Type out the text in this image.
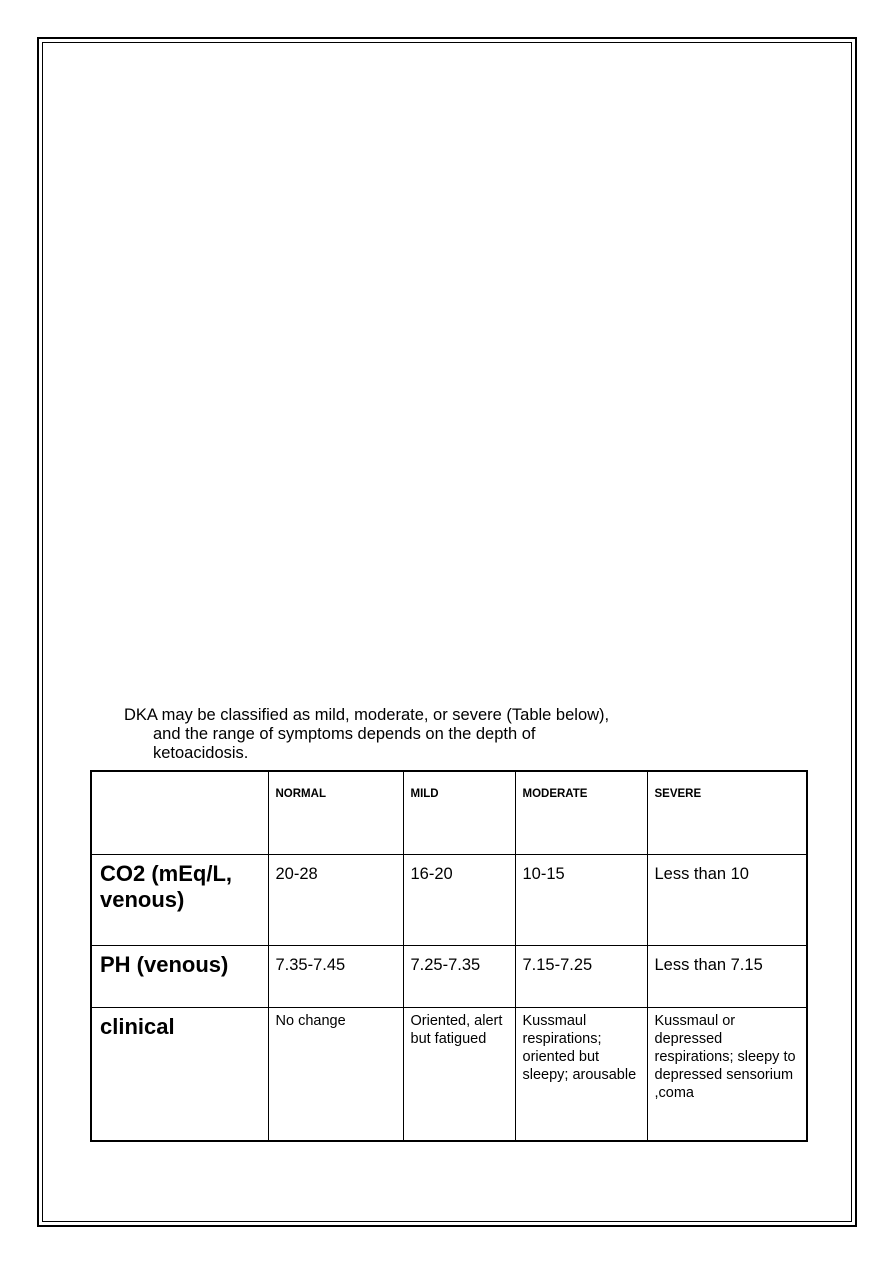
DKA may be classified as mild, moderate, or severe (Table below),
and the range of symptoms depends on the depth of
ketoacidosis.

	NORMAL	MILD	MODERATE	SEVERE
CO2 (mEq/L, venous)	20-28	16-20	10-15	Less than 10
PH (venous)	7.35-7.45	7.25-7.35	7.15-7.25	Less than 7.15
clinical	No change	Oriented, alert but fatigued	Kussmaul respirations; oriented but sleepy; arousable	Kussmaul or depressed respirations; sleepy to depressed sensorium ,coma
